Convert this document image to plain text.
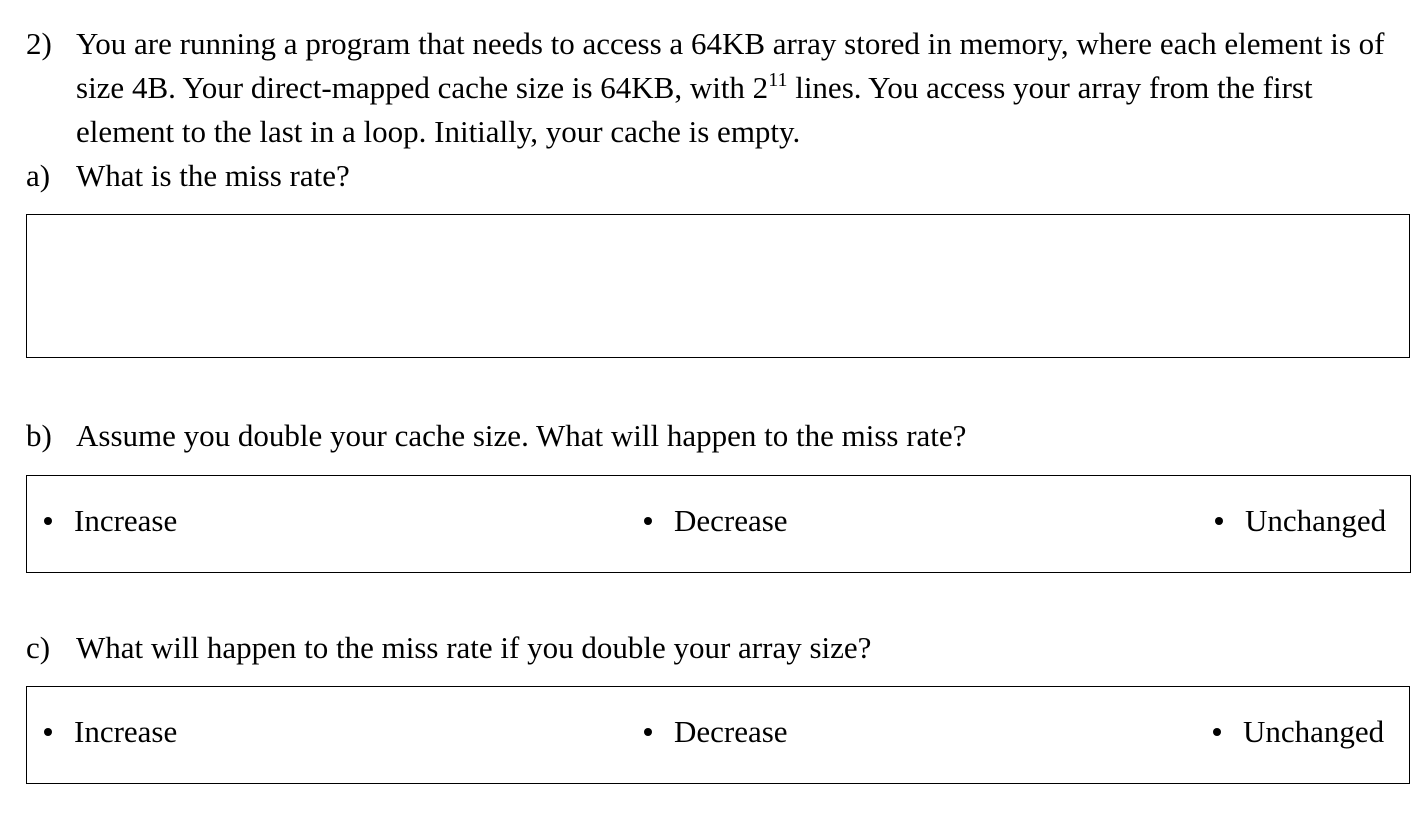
2) You are running a program that needs to access a 64KB array stored in memory, where each element is of size 4B. Your direct-mapped cache size is 64KB, with $2^{11}$ lines. You access your array from the first element to the last in a loop. Initially, your cache is empty.
a) What is the miss rate?
b) Assume you double your cache size. What will happen to the miss rate?
Increase	Decrease	Unchanged
c) What will happen to the miss rate if you double your array size?
Increase	Decrease	Unchanged
